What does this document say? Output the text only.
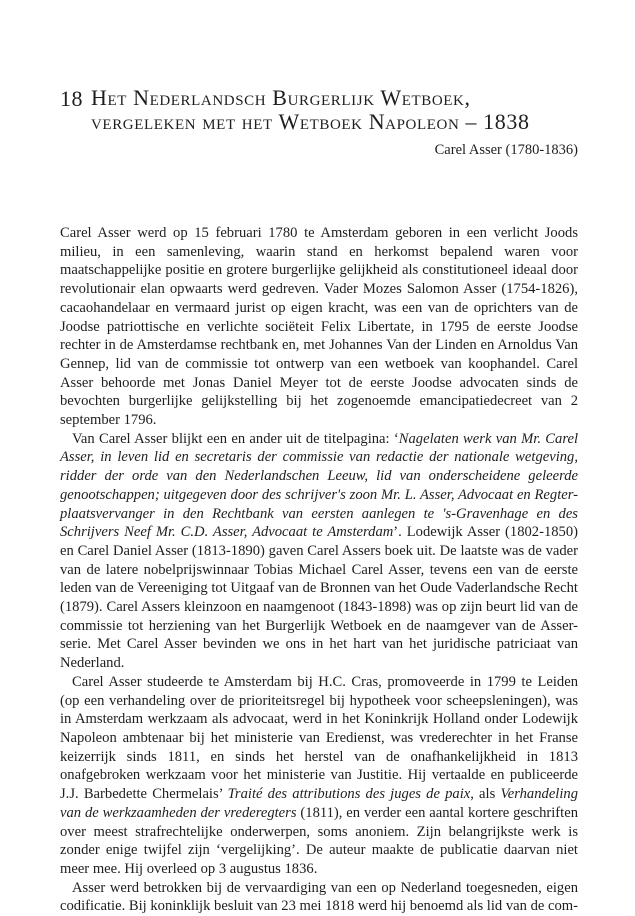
18 Het Nederlandsch Burgerlijk Wetboek,
vergeleken met het Wetboek Napoleon – 1838
Carel Asser (1780-1836)

Carel Asser werd op 15 februari 1780 te Amsterdam geboren in een verlicht Joods milieu, in een samenleving, waarin stand en herkomst bepalend waren voor maatschappelijke positie en grotere burgerlijke gelijkheid als constitutioneel ideaal door revolutionair elan opwaarts werd gedreven. Vader Mozes Salomon Asser (1754-1826), cacaohandelaar en vermaard jurist op eigen kracht, was een van de oprichters van de Joodse patriottische en verlichte sociëteit Felix Libertate, in 1795 de eerste Joodse rechter in de Amsterdamse rechtbank en, met Johannes Van der Linden en Arnoldus Van Gennep, lid van de commissie tot ontwerp van een wetboek van koophandel. Carel Asser behoorde met Jonas Daniel Meyer tot de eerste Joodse advocaten sinds de bevochten burgerlijke gelijkstelling bij het zogenoemde emancipatiedecreet van 2 september 1796.

Van Carel Asser blijkt een en ander uit de titelpagina: ‘Nagelaten werk van Mr. Carel Asser, in leven lid en secretaris der commissie van redactie der nationale wetgeving, ridder der orde van den Nederlandschen Leeuw, lid van onderscheidene geleerde genootschappen; uitgegeven door des schrijver's zoon Mr. L. Asser, Advocaat en Regter-plaatsvervanger in den Rechtbank van eersten aanlegen te 's-Gravenhage en des Schrijvers Neef Mr. C.D. Asser, Advocaat te Amsterdam’. Lodewijk Asser (1802-1850) en Carel Daniel Asser (1813-1890) gaven Carel Assers boek uit. De laatste was de vader van de latere nobelprijswinnaar Tobias Michael Carel Asser, tevens een van de eerste leden van de Vereeniging tot Uitgaaf van de Bronnen van het Oude Vaderlandsche Recht (1879). Carel Assers kleinzoon en naamgenoot (1843-1898) was op zijn beurt lid van de commissie tot herziening van het Burgerlijk Wetboek en de naamgever van de Asser-serie. Met Carel Asser bevinden we ons in het hart van het juridische patriciaat van Nederland.

Carel Asser studeerde te Amsterdam bij H.C. Cras, promoveerde in 1799 te Leiden (op een verhandeling over de prioriteitsregel bij hypotheek voor scheepsleningen), was in Amsterdam werkzaam als advocaat, werd in het Koninkrijk Holland onder Lodewijk Napoleon ambtenaar bij het ministerie van Eredienst, was vrederechter in het Franse keizerrijk sinds 1811, en sinds het herstel van de onafhankelijkheid in 1813 onafgebroken werkzaam voor het ministerie van Justitie. Hij vertaalde en publiceerde J.J. Barbedette Chermelais’ Traité des attributions des juges de paix, als Verhandeling van de werkzaamheden der vrederegters (1811), en verder een aantal kortere geschriften over meest strafrechtelijke onderwerpen, soms anoniem. Zijn belangrijkste werk is zonder enige twijfel zijn ‘vergelijking’. De auteur maakte de publicatie daarvan niet meer mee. Hij overleed op 3 augustus 1836.

Asser werd betrokken bij de vervaardiging van een op Nederland toegesneden, eigen codificatie. Bij koninklijk besluit van 23 mei 1818 werd hij benoemd als lid van de com-
